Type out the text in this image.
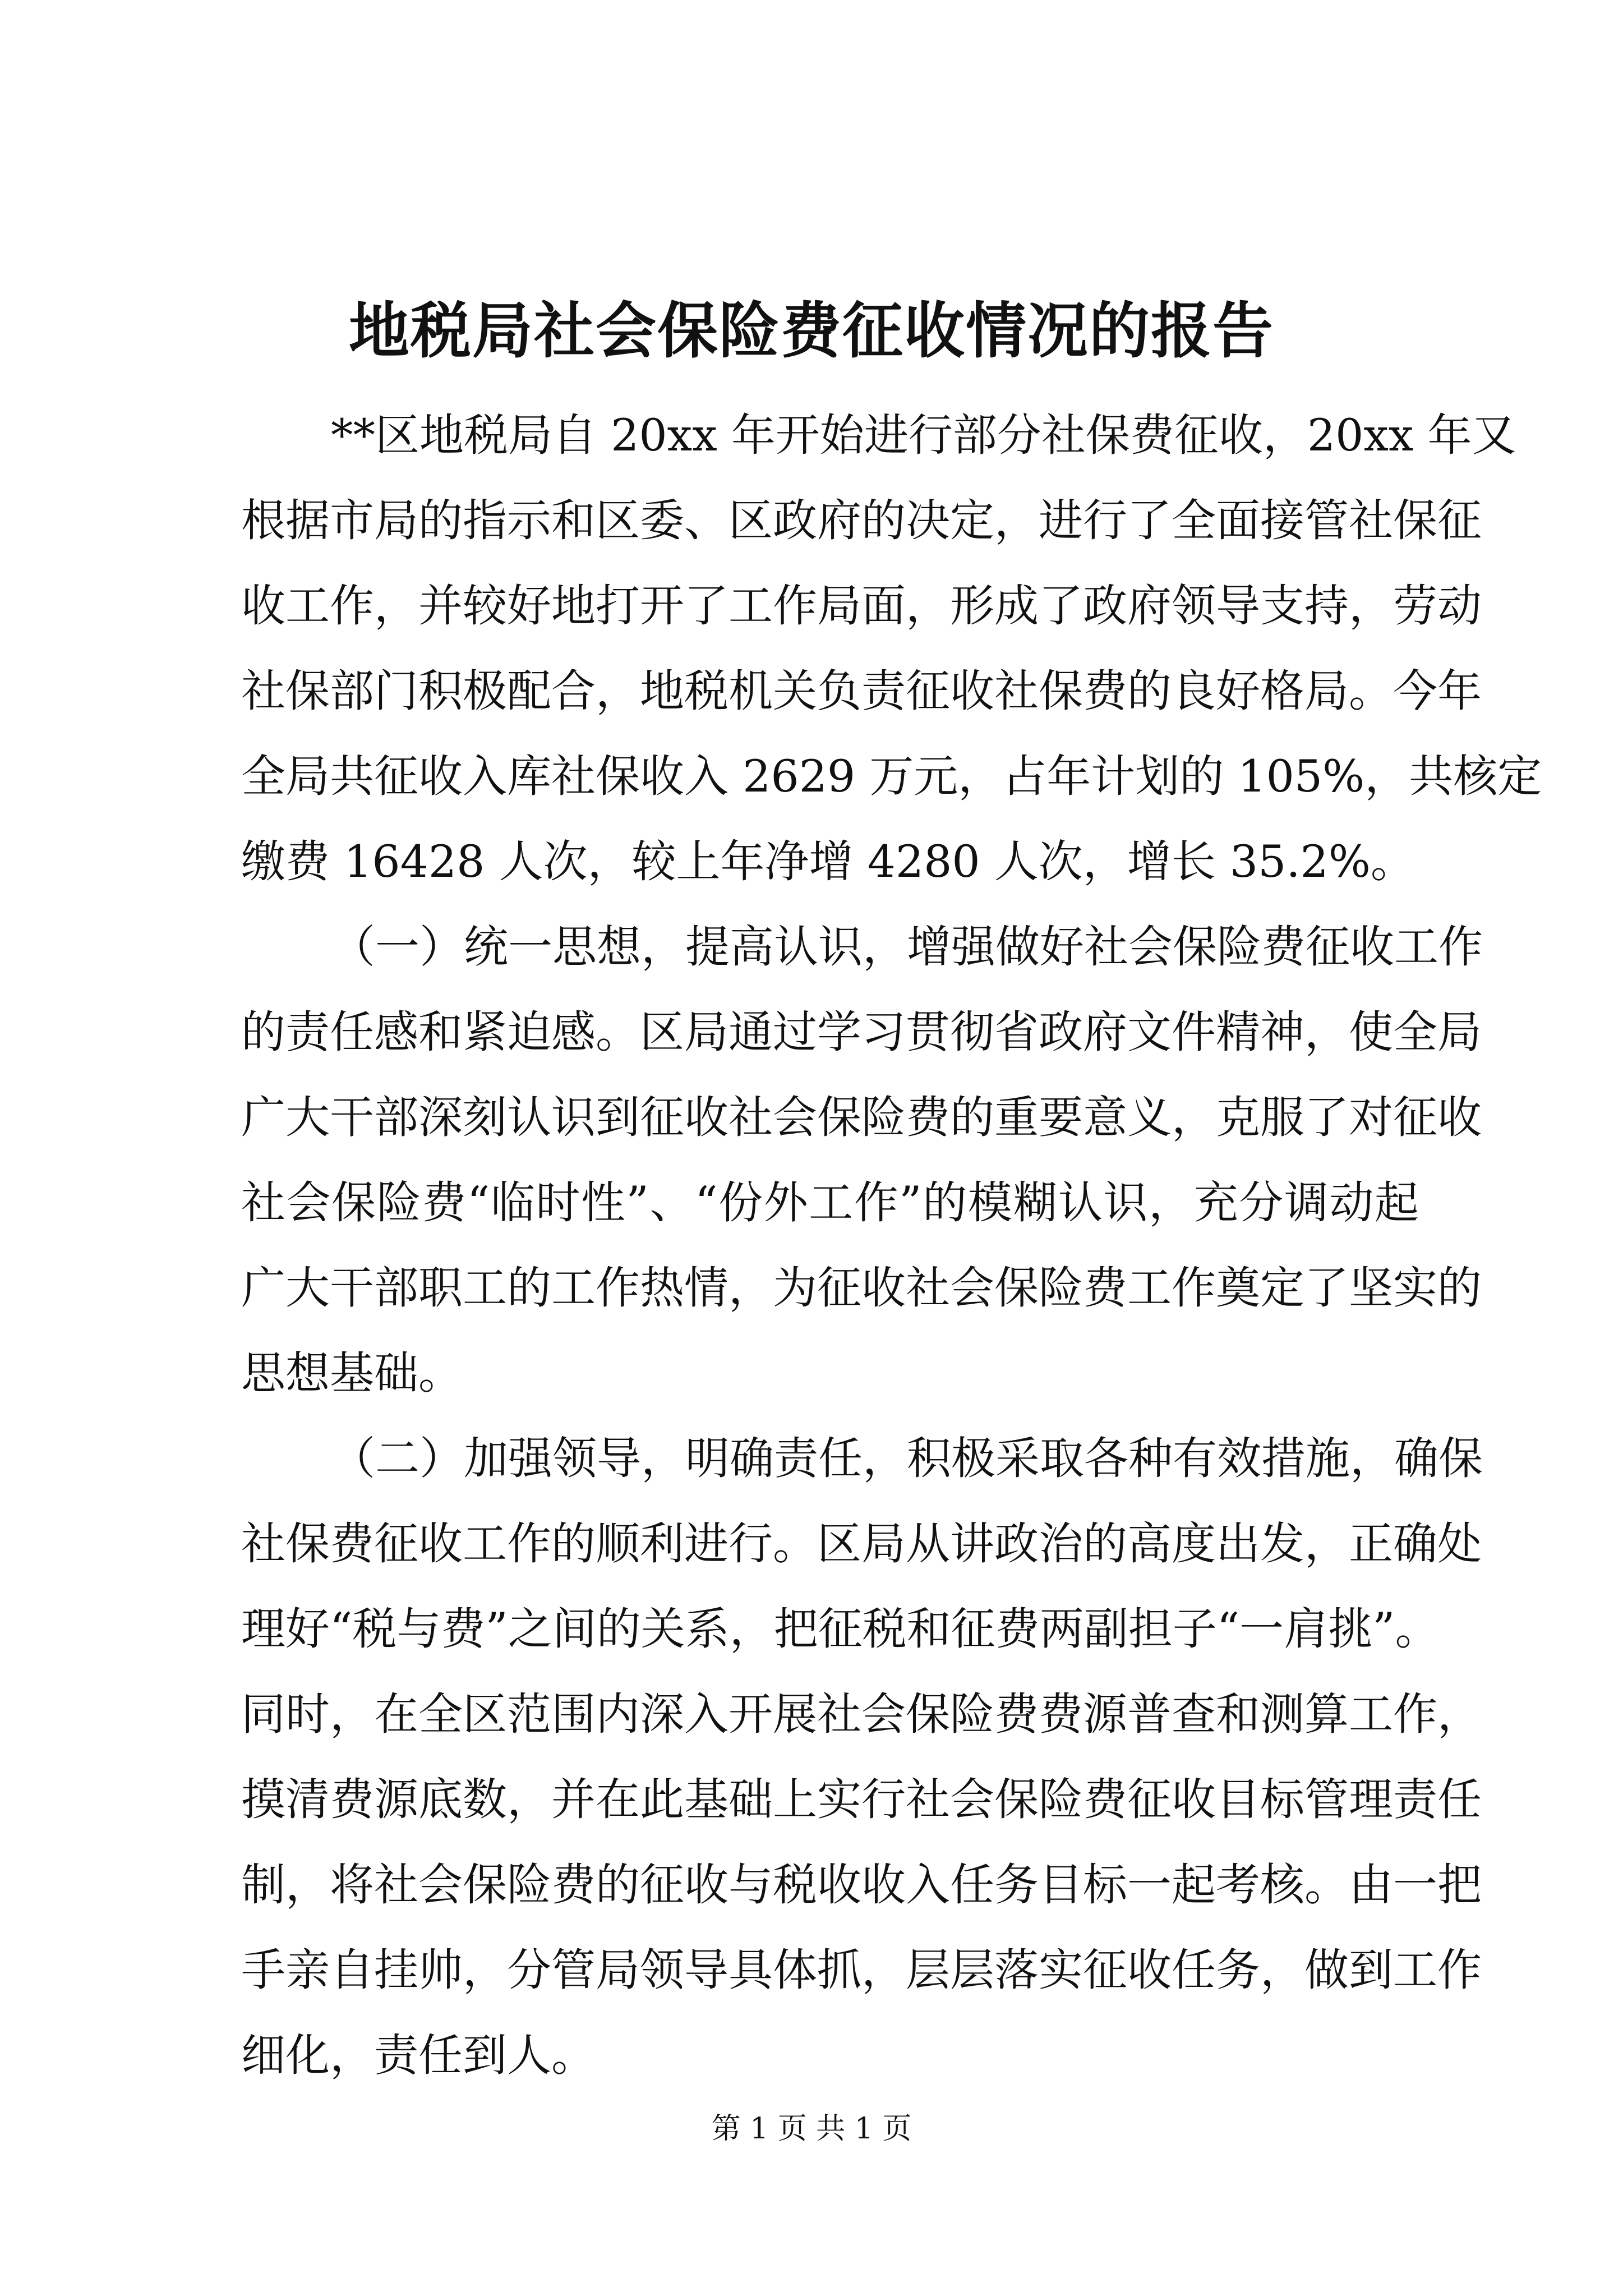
地税局社会保险费征收情况的报告

**区地税局自 20xx 年开始进行部分社保费征收，20xx 年又
根据市局的指示和区委、区政府的决定，进行了全面接管社保征
收工作，并较好地打开了工作局面，形成了政府领导支持，劳动
社保部门积极配合，地税机关负责征收社保费的良好格局。今年
全局共征收入库社保收入 2629 万元，占年计划的 105%，共核定
缴费 16428 人次，较上年净增 4280 人次，增长 35.2%。

（一）统一思想，提高认识，增强做好社会保险费征收工作
的责任感和紧迫感。区局通过学习贯彻省政府文件精神，使全局
广大干部深刻认识到征收社会保险费的重要意义，克服了对征收
社会保险费“临时性”、“份外工作”的模糊认识，充分调动起
广大干部职工的工作热情，为征收社会保险费工作奠定了坚实的
思想基础。

（二）加强领导，明确责任，积极采取各种有效措施，确保
社保费征收工作的顺利进行。区局从讲政治的高度出发，正确处
理好“税与费”之间的关系，把征税和征费两副担子“一肩挑”。
同时，在全区范围内深入开展社会保险费费源普查和测算工作，
摸清费源底数，并在此基础上实行社会保险费征收目标管理责任
制，将社会保险费的征收与税收收入任务目标一起考核。由一把
手亲自挂帅，分管局领导具体抓，层层落实征收任务，做到工作
细化，责任到人。

第 1 页 共 1 页
